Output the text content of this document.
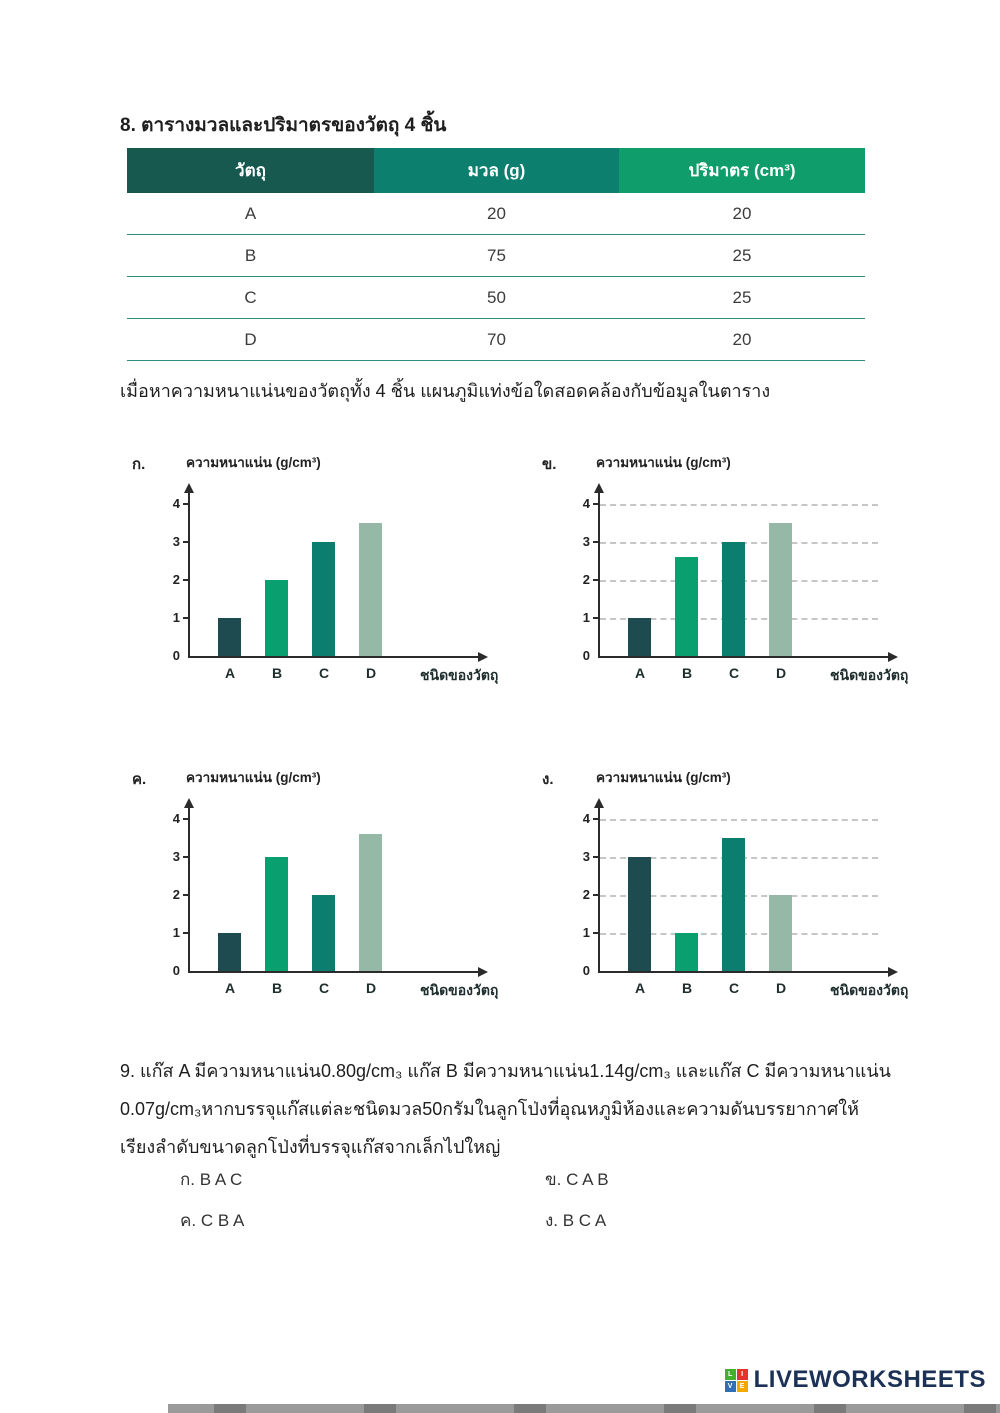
8. ตารางมวลและปริมาตรของวัตถุ 4 ชิ้น
วัตถุ	มวล (g)	ปริมาตร (cm³)
A	20	20
B	75	25
C	50	25
D	70	20
เมื่อหาความหนาแน่นของวัตถุทั้ง 4 ชิ้น แผนภูมิแท่งข้อใดสอดคล้องกับข้อมูลในตาราง
ก.	ความหนาแน่น (g/cm³)
ชนิดของวัตถุ
0
1
2
3
4
A	B	C	D
ข.	ความหนาแน่น (g/cm³)
ชนิดของวัตถุ
0
1
2
3
4
A	B	C	D
ค.	ความหนาแน่น (g/cm³)
ชนิดของวัตถุ
0
1
2
3
4
A	B	C	D
ง.	ความหนาแน่น (g/cm³)
ชนิดของวัตถุ
0
1
2
3
4
A	B	C	D
9. แก๊ส A มีความหนาแน่น0.80g/cm₃ แก๊ส B มีความหนาแน่น1.14g/cm₃ และแก๊ส C มีความหนาแน่น
0.07g/cm₃หากบรรจุแก๊สแต่ละชนิดมวล50กรัมในลูกโป่งที่อุณหภูมิห้องและความดันบรรยากาศให้
เรียงลำดับขนาดลูกโป่งที่บรรจุแก๊สจากเล็กไปใหญ่
ก. B A C	ข. C A B
ค. C B A	ง. B C A
L	I
V	E LIVEWORKSHEETS
